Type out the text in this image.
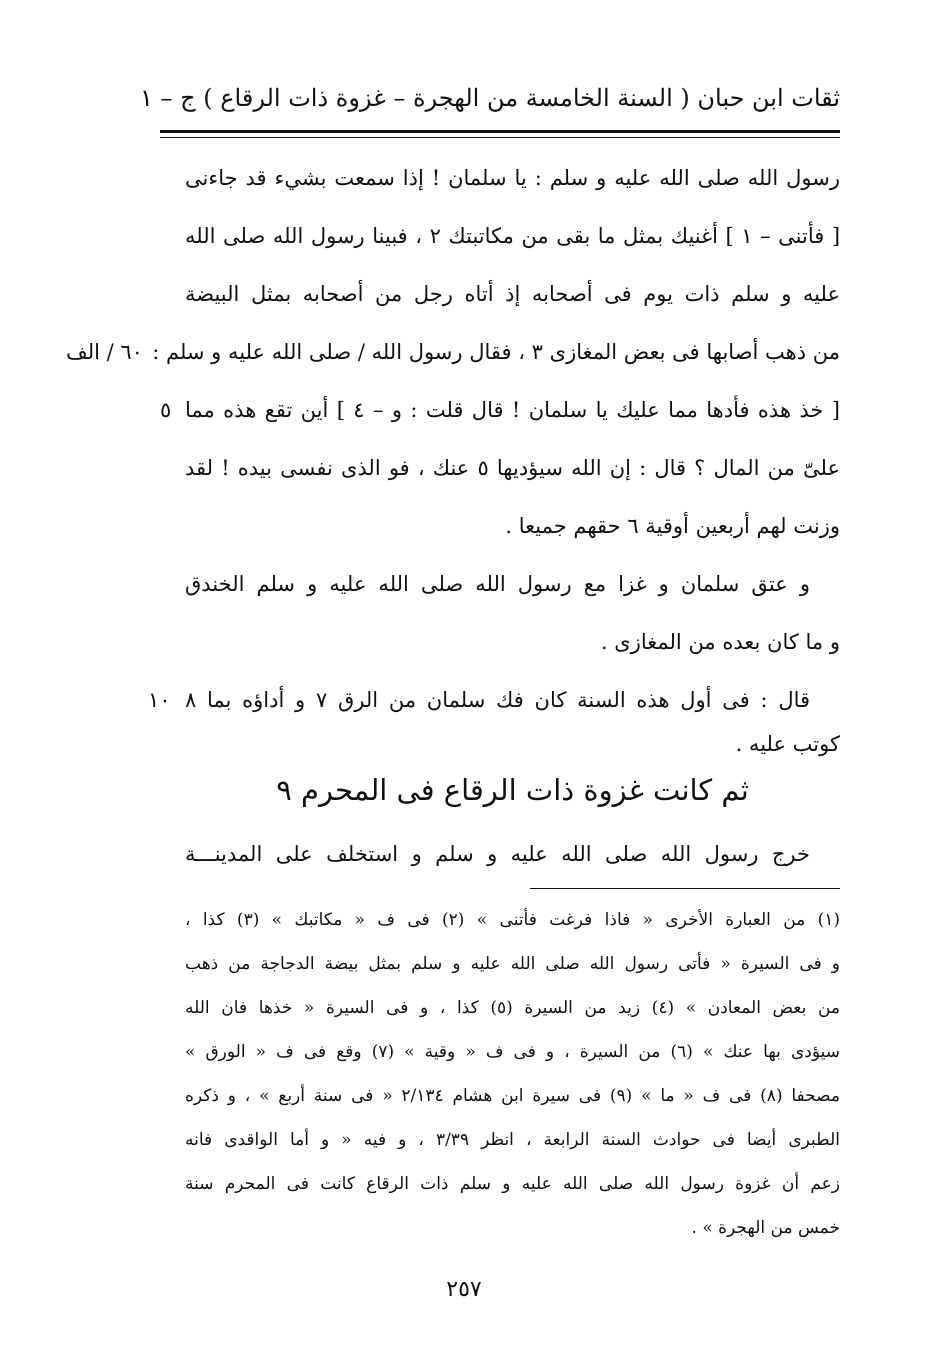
ثقات ابن حبان ( السنة الخامسة من الهجرة – غزوة ذات الرقاع ) ج – ١
رسول الله صلى الله عليه و سلم : يا سلمان ! إذا سمعت بشيء قد جاءنى
[ فأتنى – ١ ] أغنيك بمثل ما بقى من مكاتبتك ٢ ، فبينا رسول الله صلى الله
عليه و سلم ذات يوم فى أصحابه إذ أتاه رجل من أصحابه بمثل البيضة
من ذهب أصابها فى بعض المغازى ٣ ، فقال رسول الله / صلى الله عليه و سلم :
[ خذ هذه فأدها مما عليك يا سلمان ! قال قلت : و – ٤ ] أين تقع هذه مما
علىّ من المال ؟ قال : إن الله سيؤديها ٥ عنك ، فو الذى نفسى بيده ! لقد
وزنت لهم أربعين أوقية ٦ حقهم جميعا .
و عتق سلمان و غزا مع رسول الله صلى الله عليه و سلم الخندق
و ما كان بعده من المغازى .
قال : فى أول هذه السنة كان فك سلمان من الرق ٧ و أداؤه بما ٨
كوتب عليه .
ثم كانت غزوة ذات الرقاع فى المحرم ٩
خرج رسول الله صلى الله عليه و سلم و استخلف على المدينـــة
٦٠ / الف
٥
١٠
(١) من العبارة الأخرى « فاذا فرغت فأتنى » (٢) فى ف « مكاتبك » (٣) كذا ،
و فى السيرة « فأتى رسول الله صلى الله عليه و سلم بمثل بيضة الدجاجة من ذهب
من بعض المعادن » (٤) زيد من السيرة (٥) كذا ، و فى السيرة « خذها فان الله
سيؤدى بها عنك » (٦) من السيرة ، و فى ف « وقية » (٧) وقع فى ف « الورق »
مصحفا (٨) فى ف « ما » (٩) فى سيرة ابن هشام ٢/١٣٤ « فى سنة أربع » ، و ذكره
الطبرى أيضا فى حوادث السنة الرابعة ، انظر ٣/٣٩ ، و فيه « و أما الواقدى فانه
زعم أن غزوة رسول الله صلى الله عليه و سلم ذات الرقاع كانت فى المحرم سنة
خمس من الهجرة » .
٢٥٧
